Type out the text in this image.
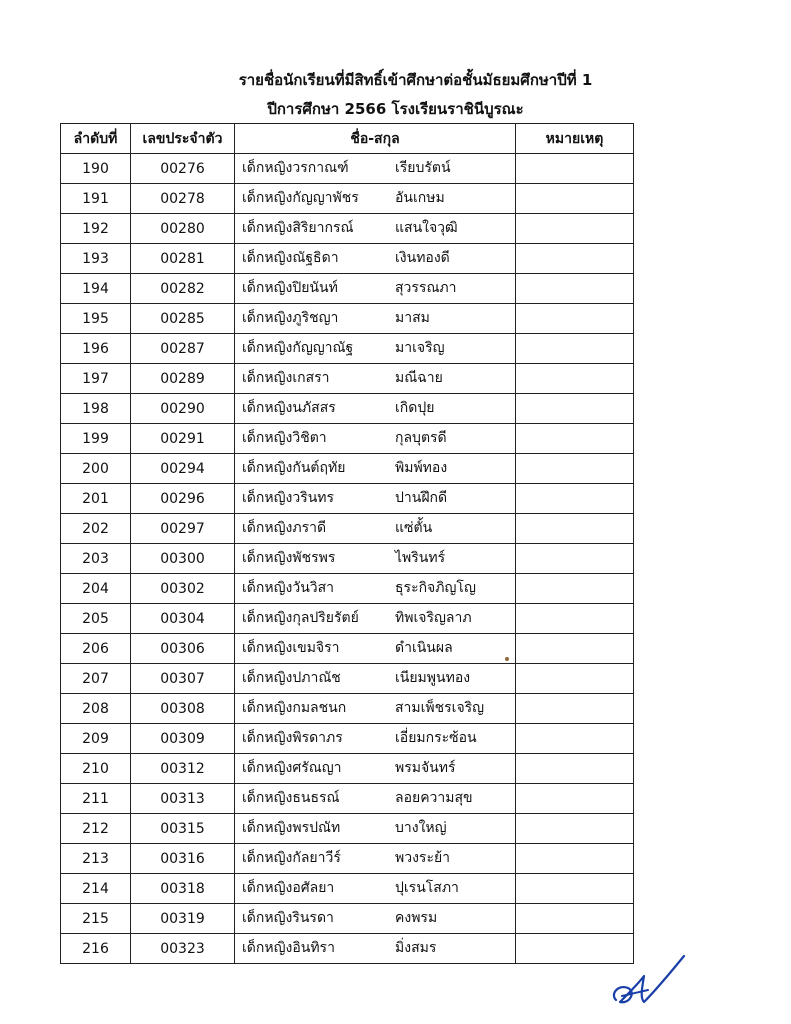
รายชื่อนักเรียนที่มีสิทธิ์เข้าศึกษาต่อชั้นมัธยมศึกษาปีที่ 1
ปีการศึกษา 2566 โรงเรียนราชินีบูรณะ
ลำดับที่	เลขประจำตัว	ชื่อ-สกุล	หมายเหตุ
190	00276	เด็กหญิงวรกาณฑ์ เรียบรัตน์	

191	00278	เด็กหญิงกัญญาพัชร อันเกษม	

192	00280	เด็กหญิงสิริยากรณ์ แสนใจวุฒิ	

193	00281	เด็กหญิงณัฐธิดา เงินทองดี	

194	00282	เด็กหญิงปิยนันท์ สุวรรณภา	

195	00285	เด็กหญิงภูริชญา มาสม	

196	00287	เด็กหญิงกัญญาณัฐ มาเจริญ	

197	00289	เด็กหญิงเกสรา มณีฉาย	

198	00290	เด็กหญิงนภัสสร เกิดปุย	

199	00291	เด็กหญิงวิชิตา กุลบุตรดี	

200	00294	เด็กหญิงกันต์ฤทัย พิมพ์ทอง	

201	00296	เด็กหญิงวรินทร ปานฝึกดี	

202	00297	เด็กหญิงภราดี แซ่ตั้น	

203	00300	เด็กหญิงพัชรพร ไพรินทร์	

204	00302	เด็กหญิงวันวิสา ธุระกิจภิญโญ	

205	00304	เด็กหญิงกุลปริยรัตย์ ทิพเจริญลาภ	

206	00306	เด็กหญิงเขมจิรา ดำเนินผล	

207	00307	เด็กหญิงปภาณัช เนียมพูนทอง	

208	00308	เด็กหญิงกมลชนก สามเพ็ชรเจริญ	

209	00309	เด็กหญิงพิรดาภร เอี่ยมกระซ้อน	

210	00312	เด็กหญิงศรัณญา พรมจันทร์	

211	00313	เด็กหญิงธนธรณ์ ลอยความสุข	

212	00315	เด็กหญิงพรปณัท บางใหญ่	

213	00316	เด็กหญิงกัลยาวีร์ พวงระย้า	

214	00318	เด็กหญิงอศัลยา ปุเรนโสภา	

215	00319	เด็กหญิงรินรดา คงพรม	

216	00323	เด็กหญิงอินทิรา มิ่งสมร	
